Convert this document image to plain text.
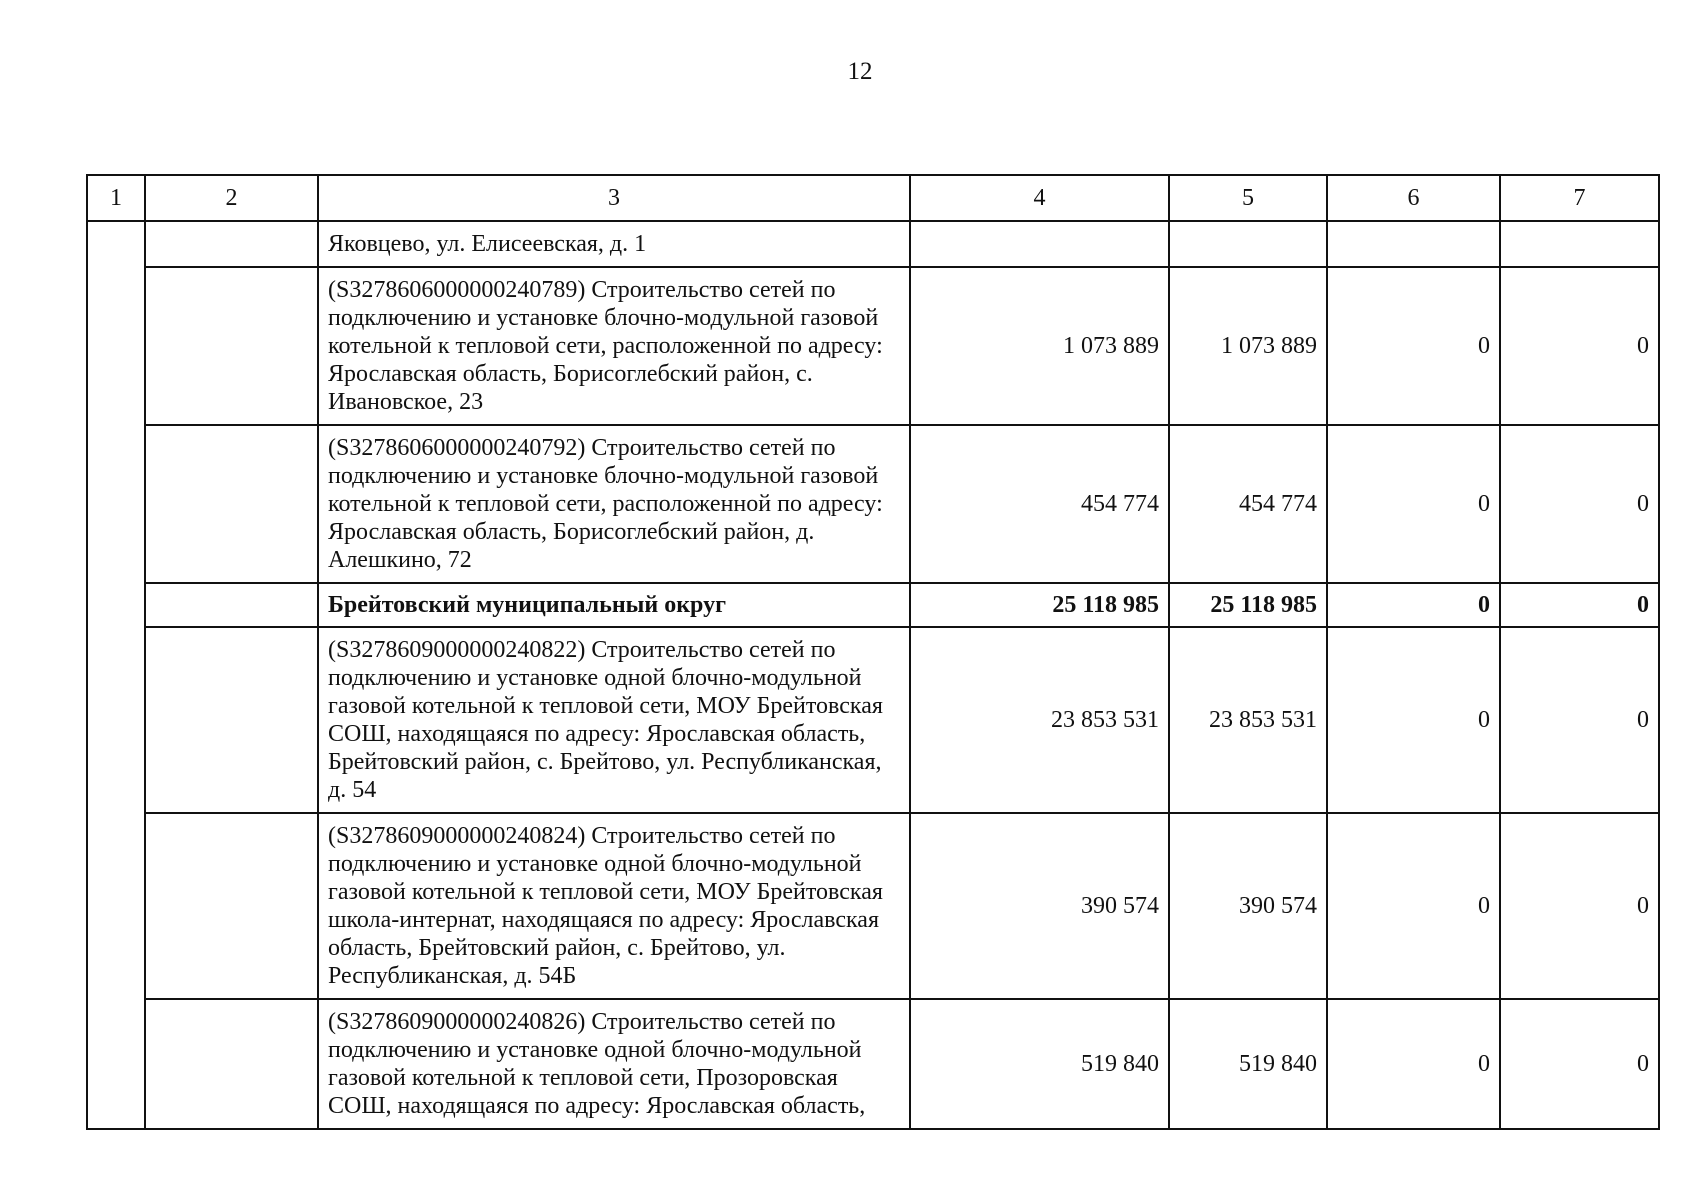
12
1	2	3	4	5	6	7
		Яковцево, ул. Елисеевская, д. 1				
		(S3278606000000240789) Строительство сетей по подключению и установке блочно-модульной газовой котельной к тепловой сети, расположенной по адресу: Ярославская область, Борисоглебский район, с. Ивановское, 23	1 073 889	1 073 889	0	0
		(S3278606000000240792) Строительство сетей по подключению и установке блочно-модульной газовой котельной к тепловой сети, расположенной по адресу: Ярославская область, Борисоглебский район, д. Алешкино, 72	454 774	454 774	0	0
		Брейтовский муниципальный округ	25 118 985	25 118 985	0	0
		(S3278609000000240822) Строительство сетей по подключению и установке одной блочно-модульной газовой котельной к тепловой сети, МОУ Брейтовская СОШ, находящаяся по адресу: Ярославская область, Брейтовский район, с. Брейтово, ул. Республиканская, д. 54	23 853 531	23 853 531	0	0
		(S3278609000000240824) Строительство сетей по подключению и установке одной блочно-модульной газовой котельной к тепловой сети, МОУ Брейтовская школа-интернат, находящаяся по адресу: Ярославская область, Брейтовский район, с. Брейтово, ул. Республиканская, д. 54Б	390 574	390 574	0	0
		(S3278609000000240826) Строительство сетей по подключению и установке одной блочно-модульной газовой котельной к тепловой сети, Прозоровская СОШ, находящаяся по адресу: Ярославская область,	519 840	519 840	0	0
